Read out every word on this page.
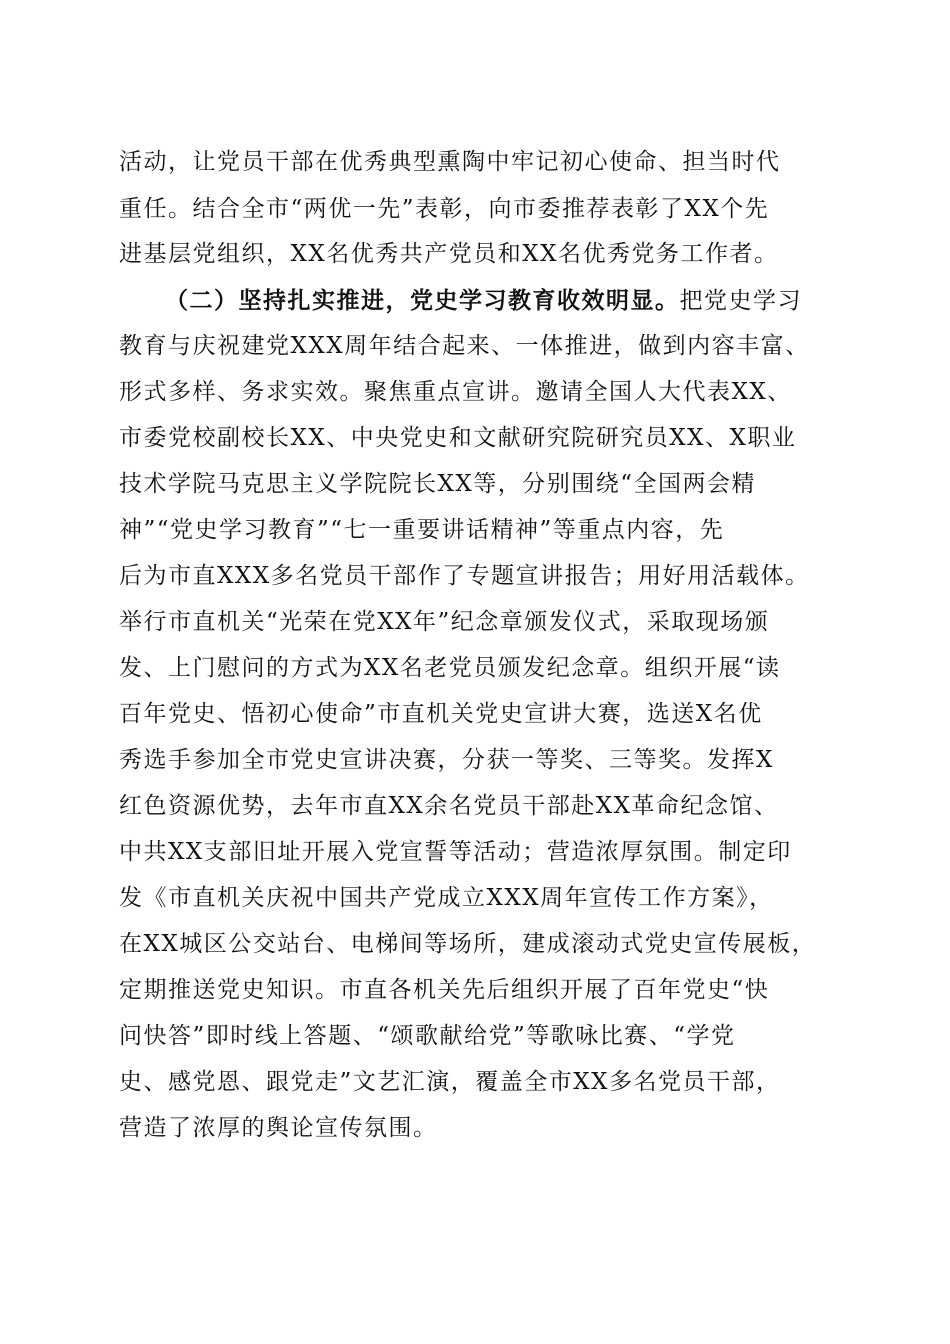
活动，让党员干部在优秀典型熏陶中牢记初心使命、担当时代
重任。结合全市“两优一先”表彰，向市委推荐表彰了XX个先
进基层党组织，XX名优秀共产党员和XX名优秀党务工作者。
（二）坚持扎实推进，党史学习教育收效明显。把党史学习
教育与庆祝建党XXX周年结合起来、一体推进，做到内容丰富、
形式多样、务求实效。聚焦重点宣讲。邀请全国人大代表XX、
市委党校副校长XX、中央党史和文献研究院研究员XX、X职业
技术学院马克思主义学院院长XX等，分别围绕“全国两会精
神”“党史学习教育”“七一重要讲话精神”等重点内容，先
后为市直XXX多名党员干部作了专题宣讲报告；用好用活载体。
举行市直机关“光荣在党XX年”纪念章颁发仪式，采取现场颁
发、上门慰问的方式为XX名老党员颁发纪念章。组织开展“读
百年党史、悟初心使命”市直机关党史宣讲大赛，选送X名优
秀选手参加全市党史宣讲决赛，分获一等奖、三等奖。发挥X
红色资源优势，去年市直XX余名党员干部赴XX革命纪念馆、
中共XX支部旧址开展入党宣誓等活动；营造浓厚氛围。制定印
发《市直机关庆祝中国共产党成立XXX周年宣传工作方案》，
在XX城区公交站台、电梯间等场所，建成滚动式党史宣传展板，
定期推送党史知识。市直各机关先后组织开展了百年党史“快
问快答”即时线上答题、“颂歌献给党”等歌咏比赛、“学党
史、感党恩、跟党走”文艺汇演，覆盖全市XX多名党员干部，
营造了浓厚的舆论宣传氛围。
